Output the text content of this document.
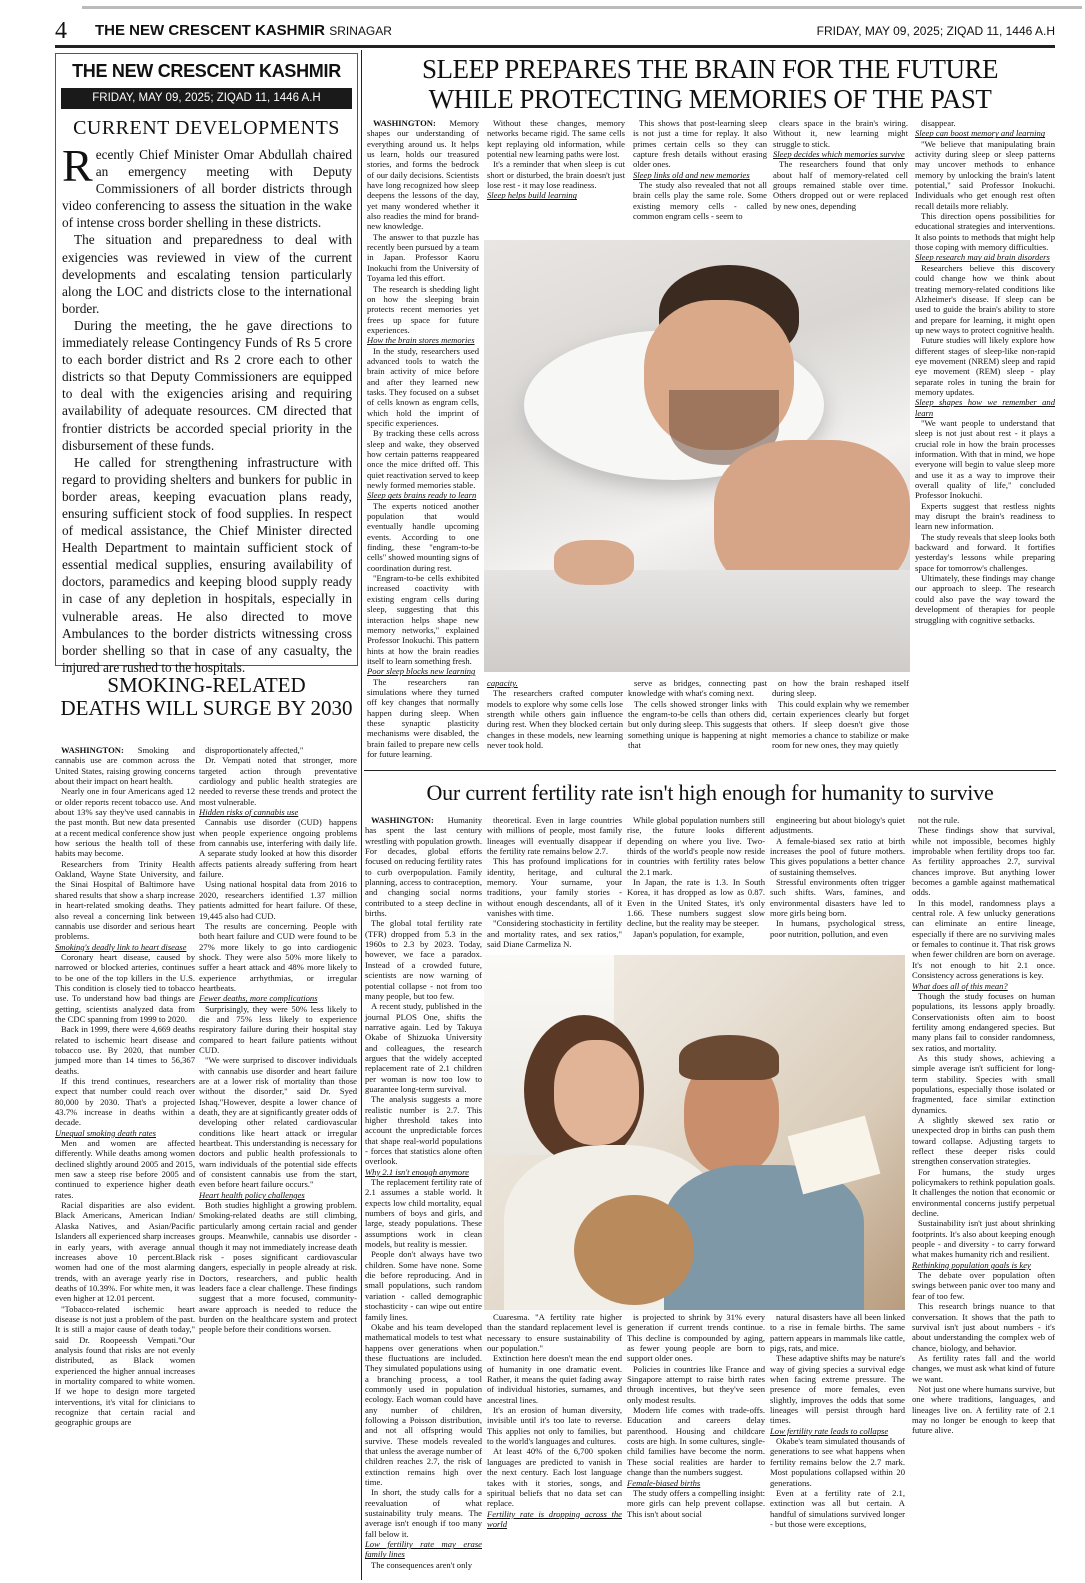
4 THE NEW CRESCENT KASHMIR SRINAGAR	FRIDAY, MAY 09, 2025; ZIQAD 11, 1446 A.H
THE NEW CRESCENT KASHMIR
FRIDAY, MAY 09, 2025; ZIQAD 11, 1446 A.H
CURRENT DEVELOPMENTS

Recently Chief Minister Omar Abdullah chaired an emergency meeting with Deputy Commissioners of all border districts through video conferencing to assess the situation in the wake of intense cross border shelling in these districts.

The situation and preparedness to deal with exigencies was reviewed in view of the current developments and escalating tension particularly along the LOC and districts close to the international border.

During the meeting, the he gave directions to immediately release Contingency Funds of Rs 5 crore to each border district and Rs 2 crore each to other districts so that Deputy Commissioners are equipped to deal with the exigencies arising and requiring availability of adequate resources. CM directed that frontier districts be accorded special priority in the disbursement of these funds.

He called for strengthening infrastructure with regard to providing shelters and bunkers for public in border areas, keeping evacuation plans ready, ensuring sufficient stock of food supplies. In respect of medical assistance, the Chief Minister directed Health Department to maintain sufficient stock of essential medical supplies, ensuring availability of doctors, paramedics and keeping blood supply ready in case of any depletion in hospitals, especially in vulnerable areas. He also directed to move Ambulances to the border districts witnessing cross border shelling so that in case of any casualty, the injured are rushed to the hospitals.

SMOKING-RELATED
DEATHS WILL SURGE BY 2030

WASHINGTON: Smoking and cannabis use are common across the United States, raising growing concerns about their impact on heart health.

Nearly one in four Americans aged 12 or older reports recent tobacco use. And about 13% say they've used cannabis in the past month. But new data presented at a recent medical conference show just how serious the health toll of these habits may become.

Researchers from Trinity Health Oakland, Wayne State University, and the Sinai Hospital of Baltimore have shared results that show a sharp increase in heart-related smoking deaths. They also reveal a concerning link between cannabis use disorder and serious heart problems.

Smoking's deadly link to heart disease

Coronary heart disease, caused by narrowed or blocked arteries, continues to be one of the top killers in the U.S. This condition is closely tied to tobacco use. To understand how bad things are getting, scientists analyzed data from the CDC spanning from 1999 to 2020.

Back in 1999, there were 4,669 deaths related to ischemic heart disease and tobacco use. By 2020, that number jumped more than 14 times to 56,367 deaths.

If this trend continues, researchers expect that number could reach over 80,000 by 2030. That's a projected 43.7% increase in deaths within a decade.

Unequal smoking death rates

Men and women are affected differently. While deaths among women declined slightly around 2005 and 2015, men saw a steep rise before 2005 and continued to experience higher death rates.

Racial disparities are also evident. Black Americans, American Indian/ Alaska Natives, and Asian/Pacific Islanders all experienced sharp increases in early years, with average annual increases above 10 percent.Black women had one of the most alarming trends, with an average yearly rise in deaths of 10.39%. For white men, it was even higher at 12.01 percent.

"Tobacco-related ischemic heart disease is not just a problem of the past. It is still a major cause of death today," said Dr. Roopeessh Vempati."Our analysis found that risks are not evenly distributed, as Black women experienced the higher annual increases in mortality compared to white women. If we hope to design more targeted interventions, it's vital for clinicians to recognize that certain racial and geographic groups are

disproportionately affected,"

Dr. Vempati noted that stronger, more targeted action through preventative cardiology and public health strategies are needed to reverse these trends and protect the most vulnerable.

Hidden risks of cannabis use

Cannabis use disorder (CUD) happens when people experience ongoing problems from cannabis use, interfering with daily life. A separate study looked at how this disorder affects patients already suffering from heart failure.

Using national hospital data from 2016 to 2020, researchers identified 1.37 million patients admitted for heart failure. Of these, 19,445 also had CUD.

The results are concerning. People with both heart failure and CUD were found to be 27% more likely to go into cardiogenic shock. They were also 50% more likely to suffer a heart attack and 48% more likely to experience arrhythmias, or irregular heartbeats.

Fewer deaths, more complications

Surprisingly, they were 50% less likely to die and 75% less likely to experience respiratory failure during their hospital stay compared to heart failure patients without CUD.

"We were surprised to discover individuals with cannabis use disorder and heart failure are at a lower risk of mortality than those without the disorder," said Dr. Syed Ishaq."However, despite a lower chance of death, they are at significantly greater odds of developing other related cardiovascular conditions like heart attack or irregular heartbeat. This understanding is necessary for doctors and public health professionals to warn individuals of the potential side effects of consistent cannabis use from the start, even before heart failure occurs."

Heart health policy challenges

Both studies highlight a growing problem. Smoking-related deaths are still climbing, particularly among certain racial and gender groups. Meanwhile, cannabis use disorder - though it may not immediately increase death risk - poses significant cardiovascular dangers, especially in people already at risk. Doctors, researchers, and public health leaders face a clear challenge. These findings suggest that a more focused, community-aware approach is needed to reduce the burden on the healthcare system and protect people before their conditions worsen.

SLEEP PREPARES THE BRAIN FOR THE FUTURE
WHILE PROTECTING MEMORIES OF THE PAST

WASHINGTON: Memory shapes our understanding of everything around us. It helps us learn, holds our treasured stories, and forms the bedrock of our daily decisions. Scientists have long recognized how sleep deepens the lessons of the day, yet many wondered whether it also readies the mind for brand-new knowledge.

The answer to that puzzle has recently been pursued by a team in Japan. Professor Kaoru Inokuchi from the University of Toyama led this effort.

The research is shedding light on how the sleeping brain protects recent memories yet frees up space for future experiences.

How the brain stores memories

In the study, researchers used advanced tools to watch the brain activity of mice before and after they learned new tasks. They focused on a subset of cells known as engram cells, which hold the imprint of specific experiences.

By tracking these cells across sleep and wake, they observed how certain patterns reappeared once the mice drifted off. This quiet reactivation served to keep newly formed memories stable.

Sleep gets brains ready to learn

The experts noticed another population that would eventually handle upcoming events. According to one finding, these "engram-to-be cells" showed mounting signs of coordination during rest.

"Engram-to-be cells exhibited increased coactivity with existing engram cells during sleep, suggesting that this interaction helps shape new memory networks," explained Professor Inokuchi. This pattern hints at how the brain readies itself to learn something fresh.

Poor sleep blocks new learning

The researchers ran simulations where they turned off key changes that normally happen during sleep. When these synaptic plasticity mechanisms were disabled, the brain failed to prepare new cells for future learning.

Without these changes, memory networks became rigid. The same cells kept replaying old information, while potential new learning paths were lost.

It's a reminder that when sleep is cut short or disturbed, the brain doesn't just lose rest - it may lose readiness.

Sleep helps build learning

This shows that post-learning sleep is not just a time for replay. It also primes certain cells so they can capture fresh details without erasing older ones.

Sleep links old and new memories

The study also revealed that not all brain cells play the same role. Some existing memory cells - called common engram cells - seem to

clears space in the brain's wiring. Without it, new learning might struggle to stick.

Sleep decides which memories survive

The researchers found that only about half of memory-related cell groups remained stable over time. Others dropped out or were replaced by new ones, depending

disappear.

Sleep can boost memory and learning

"We believe that manipulating brain activity during sleep or sleep patterns may uncover methods to enhance memory by unlocking the brain's latent potential," said Professor Inokuchi. Individuals who get enough rest often recall details more reliably.

This direction opens possibilities for educational strategies and interventions. It also points to methods that might help those coping with memory difficulties.

Sleep research may aid brain disorders

Researchers believe this discovery could change how we think about treating memory-related conditions like Alzheimer's disease. If sleep can be used to guide the brain's ability to store and prepare for learning, it might open up new ways to protect cognitive health.

Future studies will likely explore how different stages of sleep-like non-rapid eye movement (NREM) sleep and rapid eye movement (REM) sleep - play separate roles in tuning the brain for memory updates.

Sleep shapes how we remember and learn

"We want people to understand that sleep is not just about rest - it plays a crucial role in how the brain processes information. With that in mind, we hope everyone will begin to value sleep more and use it as a way to improve their overall quality of life," concluded Professor Inokuchi.

Experts suggest that restless nights may disrupt the brain's readiness to learn new information.

The study reveals that sleep looks both backward and forward. It fortifies yesterday's lessons while preparing space for tomorrow's challenges.

Ultimately, these findings may change our approach to sleep. The research could also pave the way toward the development of therapies for people struggling with cognitive setbacks.

capacity.

The researchers crafted computer models to explore why some cells lose strength while others gain influence during rest. When they blocked certain changes in these models, new learning never took hold.

serve as bridges, connecting past knowledge with what's coming next.

The cells showed stronger links with the engram-to-be cells than others did, but only during sleep. This suggests that something unique is happening at night that

on how the brain reshaped itself during sleep.

This could explain why we remember certain experiences clearly but forget others. If sleep doesn't give those memories a chance to stabilize or make room for new ones, they may quietly

Our current fertility rate isn't high enough for humanity to survive

WASHINGTON: Humanity has spent the last century wrestling with population growth. For decades, global efforts focused on reducing fertility rates to curb overpopulation. Family planning, access to contraception, and changing social norms contributed to a steep decline in births.

The global total fertility rate (TFR) dropped from 5.3 in the 1960s to 2.3 by 2023. Today, however, we face a paradox. Instead of a crowded future, scientists are now warning of potential collapse - not from too many people, but too few.

A recent study, published in the journal PLOS One, shifts the narrative again. Led by Takuya Okabe of Shizuoka University and colleagues, the research argues that the widely accepted replacement rate of 2.1 children per woman is now too low to guarantee long-term survival.

The analysis suggests a more realistic number is 2.7. This higher threshold takes into account the unpredictable forces that shape real-world populations - forces that statistics alone often overlook.

Why 2.1 isn't enough anymore

The replacement fertility rate of 2.1 assumes a stable world. It expects low child mortality, equal numbers of boys and girls, and large, steady populations. These assumptions work in clean models, but reality is messier.

People don't always have two children. Some have none. Some die before reproducing. And in small populations, such random variation - called demographic stochasticity - can wipe out entire family lines.

Okabe and his team developed mathematical models to test what happens over generations when these fluctuations are included. They simulated populations using a branching process, a tool commonly used in population ecology. Each woman could have any number of children, following a Poisson distribution, and not all offspring would survive. These models revealed that unless the average number of children reaches 2.7, the risk of extinction remains high over time.

In short, the study calls for a reevaluation of what sustainability truly means. The average isn't enough if too many fall below it.

Low fertility rate may erase family lines

The consequences aren't only

theoretical. Even in large countries with millions of people, most family lineages will eventually disappear if the fertility rate remains below 2.7.

This has profound implications for identity, heritage, and cultural memory. Your surname, your traditions, your family stories - without enough descendants, all of it vanishes with time.

"Considering stochasticity in fertility and mortality rates, and sex ratios," said Diane Carmeliza N.

While global population numbers still rise, the future looks different depending on where you live. Two-thirds of the world's people now reside in countries with fertility rates below the 2.1 mark.

In Japan, the rate is 1.3. In South Korea, it has dropped as low as 0.87. Even in the United States, it's only 1.66. These numbers suggest slow decline, but the reality may be steeper.

Japan's population, for example,

engineering but about biology's quiet adjustments.

A female-biased sex ratio at birth increases the pool of future mothers. This gives populations a better chance of sustaining themselves.

Stressful environments often trigger such shifts. Wars, famines, and environmental disasters have led to more girls being born.

In humans, psychological stress, poor nutrition, pollution, and even

not the rule.

These findings show that survival, while not impossible, becomes highly improbable when fertility drops too far. As fertility approaches 2.7, survival chances improve. But anything lower becomes a gamble against mathematical odds.

In this model, randomness plays a central role. A few unlucky generations can eliminate an entire lineage, especially if there are no surviving males or females to continue it. That risk grows when fewer children are born on average. It's not enough to hit 2.1 once. Consistency across generations is key.

What does all of this mean?

Though the study focuses on human populations, its lessons apply broadly. Conservationists often aim to boost fertility among endangered species. But many plans fail to consider randomness, sex ratios, and mortality.

As this study shows, achieving a simple average isn't sufficient for long-term stability. Species with small populations, especially those isolated or fragmented, face similar extinction dynamics.

A slightly skewed sex ratio or unexpected drop in births can push them toward collapse. Adjusting targets to reflect these deeper risks could strengthen conservation strategies.

For humans, the study urges policymakers to rethink population goals. It challenges the notion that economic or environmental concerns justify perpetual decline.

Sustainability isn't just about shrinking footprints. It's also about keeping enough people - and diversity - to carry forward what makes humanity rich and resilient.

Rethinking population goals is key

The debate over population often swings between panic over too many and fear of too few.

This research brings nuance to that conversation. It shows that the path to survival isn't just about numbers - it's about understanding the complex web of chance, biology, and behavior.

As fertility rates fall and the world changes, we must ask what kind of future we want.

Not just one where humans survive, but one where traditions, languages, and lineages live on. A fertility rate of 2.1 may no longer be enough to keep that future alive.

Cuaresma. "A fertility rate higher than the standard replacement level is necessary to ensure sustainability of our population."

Extinction here doesn't mean the end of humanity in one dramatic event. Rather, it means the quiet fading away of individual histories, surnames, and ancestral lines.

It's an erosion of human diversity, invisible until it's too late to reverse. This applies not only to families, but to the world's languages and cultures.

At least 40% of the 6,700 spoken languages are predicted to vanish in the next century. Each lost language takes with it stories, songs, and spiritual beliefs that no data set can replace.

Fertility rate is dropping across the world

is projected to shrink by 31% every generation if current trends continue. This decline is compounded by aging, as fewer young people are born to support older ones.

Policies in countries like France and Singapore attempt to raise birth rates through incentives, but they've seen only modest results.

Modern life comes with trade-offs. Education and careers delay parenthood. Housing and childcare costs are high. In some cultures, single-child families have become the norm. These social realities are harder to change than the numbers suggest.

Female-biased births

The study offers a compelling insight: more girls can help prevent collapse. This isn't about social

natural disasters have all been linked to a rise in female births. The same pattern appears in mammals like cattle, pigs, rats, and mice.

These adaptive shifts may be nature's way of giving species a survival edge when facing extreme pressure. The presence of more females, even slightly, improves the odds that some lineages will persist through hard times.

Low fertility rate leads to collapse

Okabe's team simulated thousands of generations to see what happens when fertility remains below the 2.7 mark. Most populations collapsed within 20 generations.

Even at a fertility rate of 2.1, extinction was all but certain. A handful of simulations survived longer - but those were exceptions,
